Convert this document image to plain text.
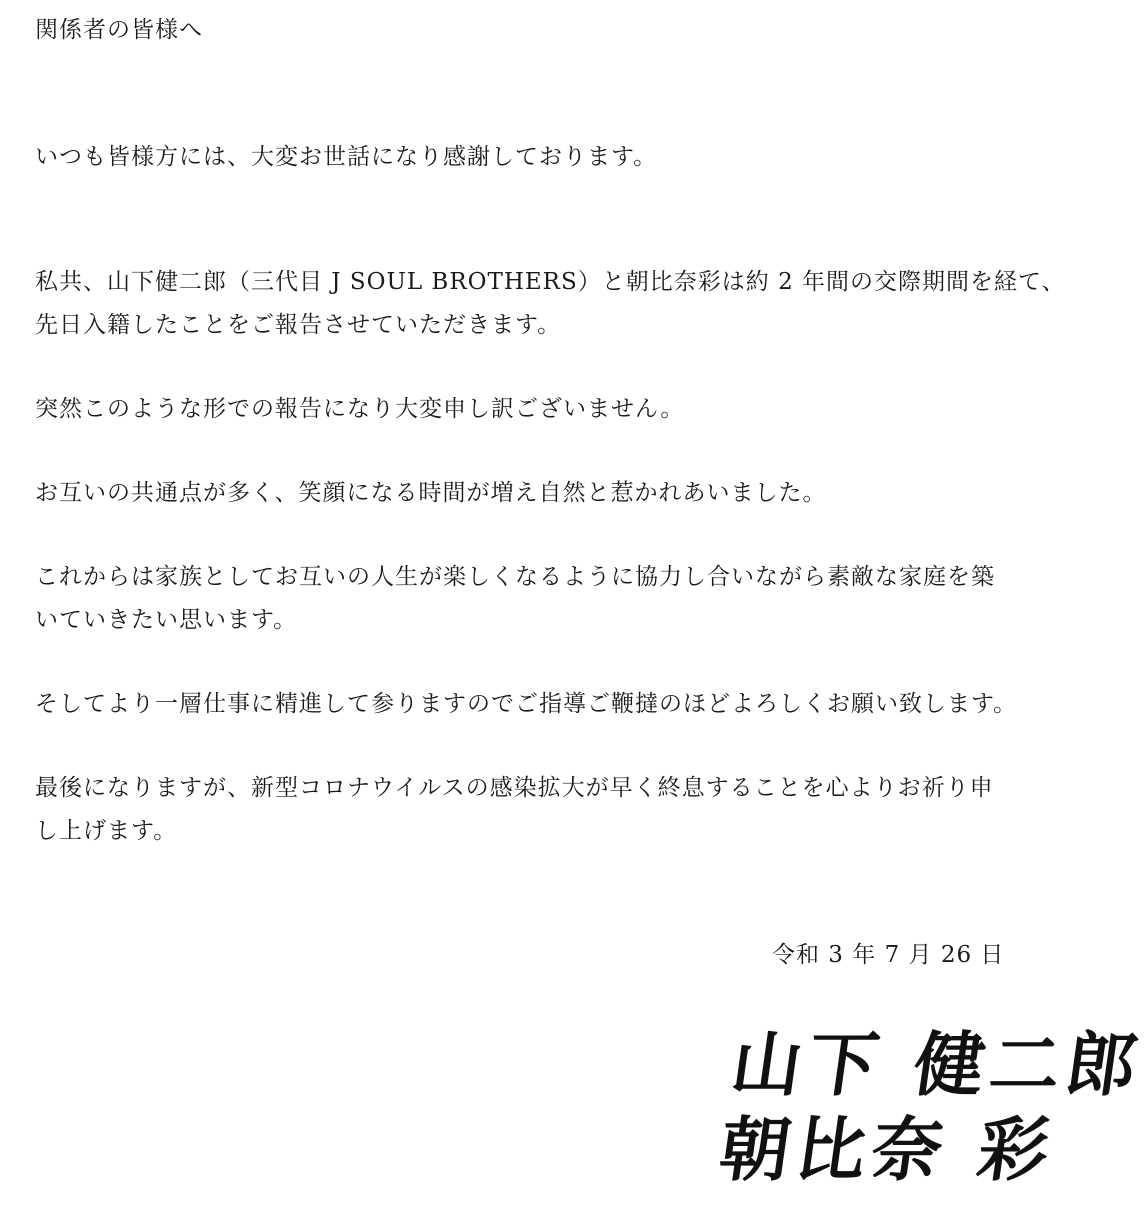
関係者の皆様へ
いつも皆様方には、大変お世話になり感謝しております。
私共、山下健二郎（三代目 J SOUL BROTHERS）と朝比奈彩は約 2 年間の交際期間を経て、
先日入籍したことをご報告させていただきます。
突然このような形での報告になり大変申し訳ございません。
お互いの共通点が多く、笑顔になる時間が増え自然と惹かれあいました。
これからは家族としてお互いの人生が楽しくなるように協力し合いながら素敵な家庭を築
いていきたい思います。
そしてより一層仕事に精進して参りますのでご指導ご鞭撻のほどよろしくお願い致します。
最後になりますが、新型コロナウイルスの感染拡大が早く終息することを心よりお祈り申
し上げます。
令和 3 年 7 月 26 日
山下 健二郎
朝比奈 彩
